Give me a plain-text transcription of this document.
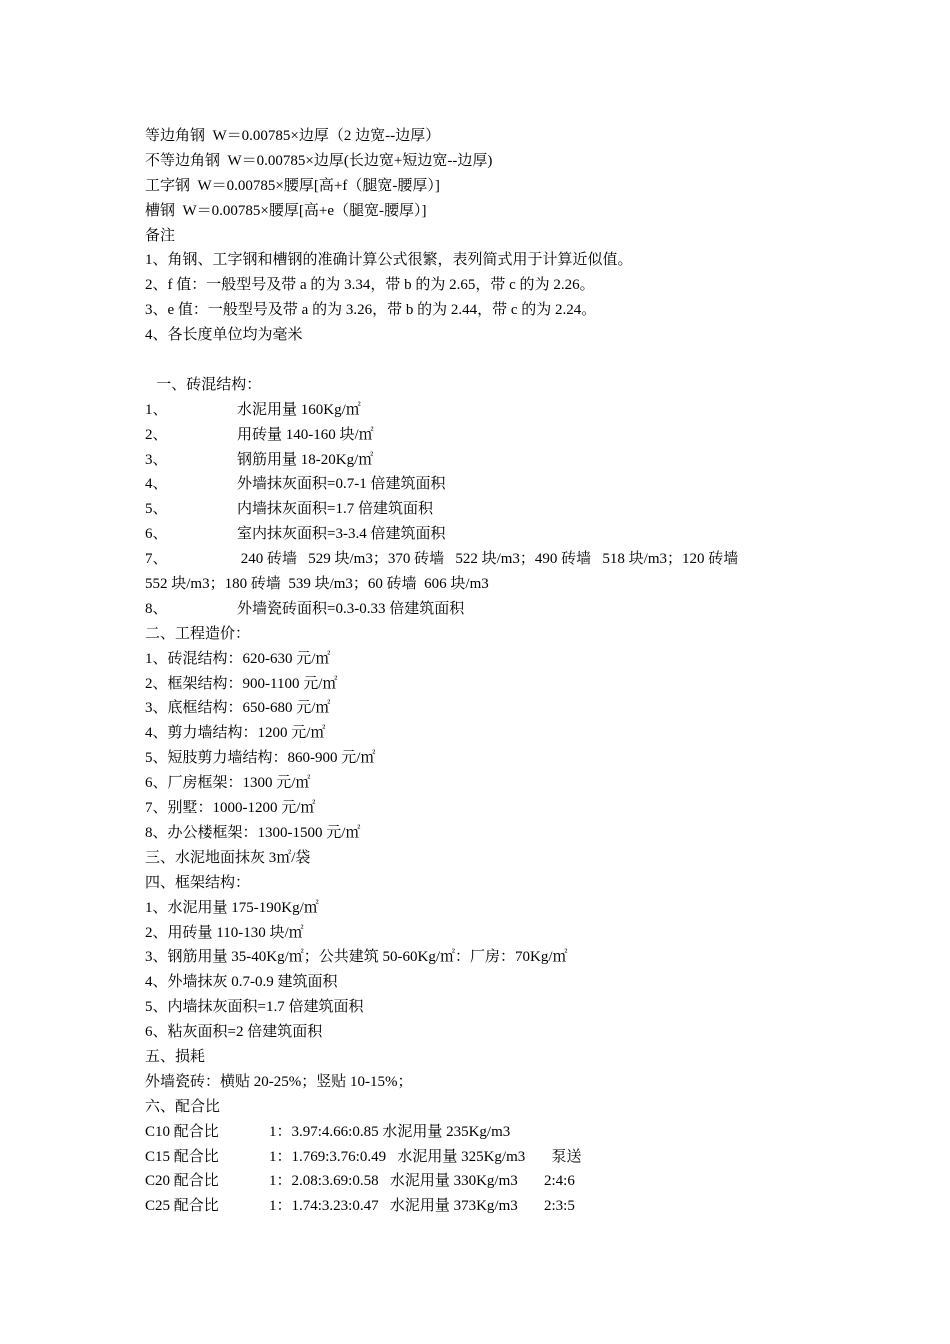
等边角钢  W＝0.00785×边厚（2 边宽--边厚）
不等边角钢  W＝0.00785×边厚(长边宽+短边宽--边厚)
工字钢  W＝0.00785×腰厚[高+f（腿宽-腰厚）]
槽钢  W＝0.00785×腰厚[高+e（腿宽-腰厚）]
备注
1、角钢、工字钢和槽钢的准确计算公式很繁，表列简式用于计算近似值。
2、f 值：一般型号及带 a 的为 3.34，带 b 的为 2.65，带 c 的为 2.26。
3、e 值：一般型号及带 a 的为 3.26，带 b 的为 2.44，带 c 的为 2.24。
4、各长度单位均为毫米
一、砖混结构：
1、	水泥用量 160Kg/㎡
2、	用砖量 140-160 块/㎡
3、	钢筋用量 18-20Kg/㎡
4、	外墙抹灰面积=0.7-1 倍建筑面积
5、	内墙抹灰面积=1.7 倍建筑面积
6、	室内抹灰面积=3-3.4 倍建筑面积
7、	240 砖墙   529 块/m3；370 砖墙   522 块/m3；490 砖墙   518 块/m3；120 砖墙
552 块/m3；180 砖墙  539 块/m3；60 砖墙  606 块/m3
8、	外墙瓷砖面积=0.3-0.33 倍建筑面积
二、工程造价：
1、砖混结构：620-630 元/㎡
2、框架结构：900-1100 元/㎡
3、底框结构：650-680 元/㎡
4、剪力墙结构：1200 元/㎡
5、短肢剪力墙结构：860-900 元/㎡
6、厂房框架：1300 元/㎡
7、别墅：1000-1200 元/㎡
8、办公楼框架：1300-1500 元/㎡
三、水泥地面抹灰 3㎡/袋
四、框架结构：
1、水泥用量 175-190Kg/㎡
2、用砖量 110-130 块/㎡
3、钢筋用量 35-40Kg/㎡；公共建筑 50-60Kg/㎡：厂房：70Kg/㎡
4、外墙抹灰 0.7-0.9 建筑面积
5、内墙抹灰面积=1.7 倍建筑面积
6、粘灰面积=2 倍建筑面积
五、损耗
外墙瓷砖：横贴 20-25%；竖贴 10-15%；
六、配合比
C10 配合比	1：3.97:4.66:0.85 水泥用量 235Kg/m3
C15 配合比	1：1.769:3.76:0.49   水泥用量 325Kg/m3       泵送
C20 配合比	1：2.08:3.69:0.58   水泥用量 330Kg/m3       2:4:6
C25 配合比	1：1.74:3.23:0.47   水泥用量 373Kg/m3       2:3:5
